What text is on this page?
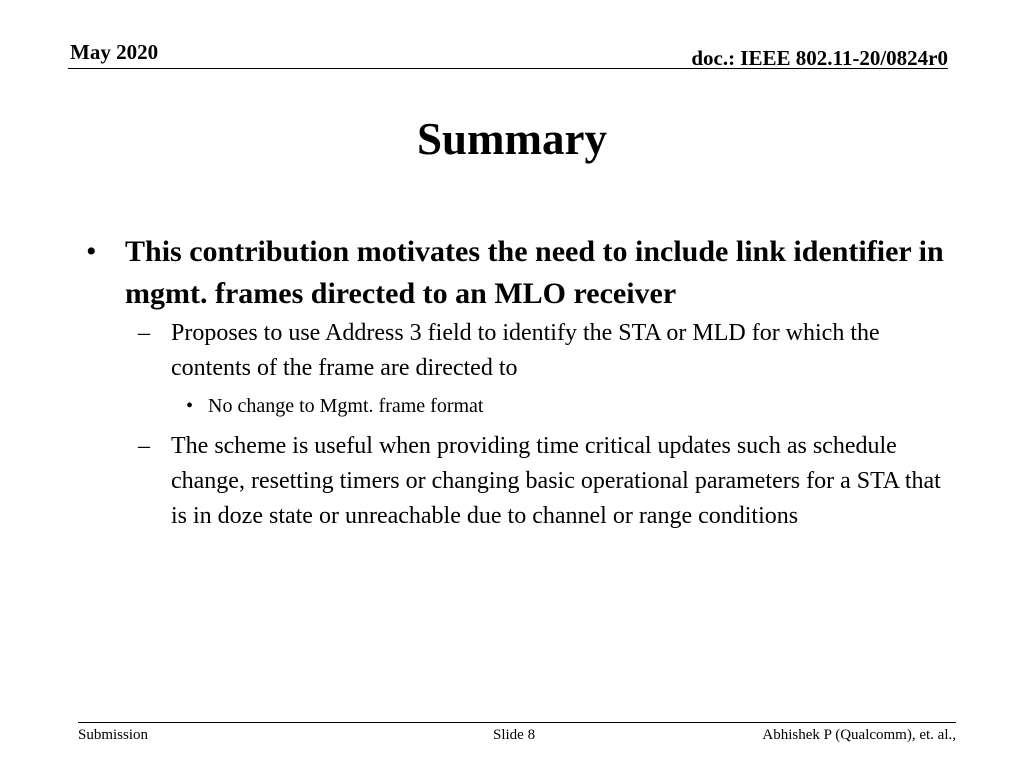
May 2020	doc.: IEEE 802.11-20/0824r0
Summary
• This contribution motivates the need to include link identifier in mgmt. frames directed to an MLO receiver
– Proposes to use Address 3 field to identify the STA or MLD for which the contents of the frame are directed to
• No change to Mgmt. frame format
– The scheme is useful when providing time critical updates such as schedule change, resetting timers or changing basic operational parameters for a STA that is in doze state or unreachable due to channel or range conditions
Submission	Slide 8	Abhishek P (Qualcomm), et. al.,
